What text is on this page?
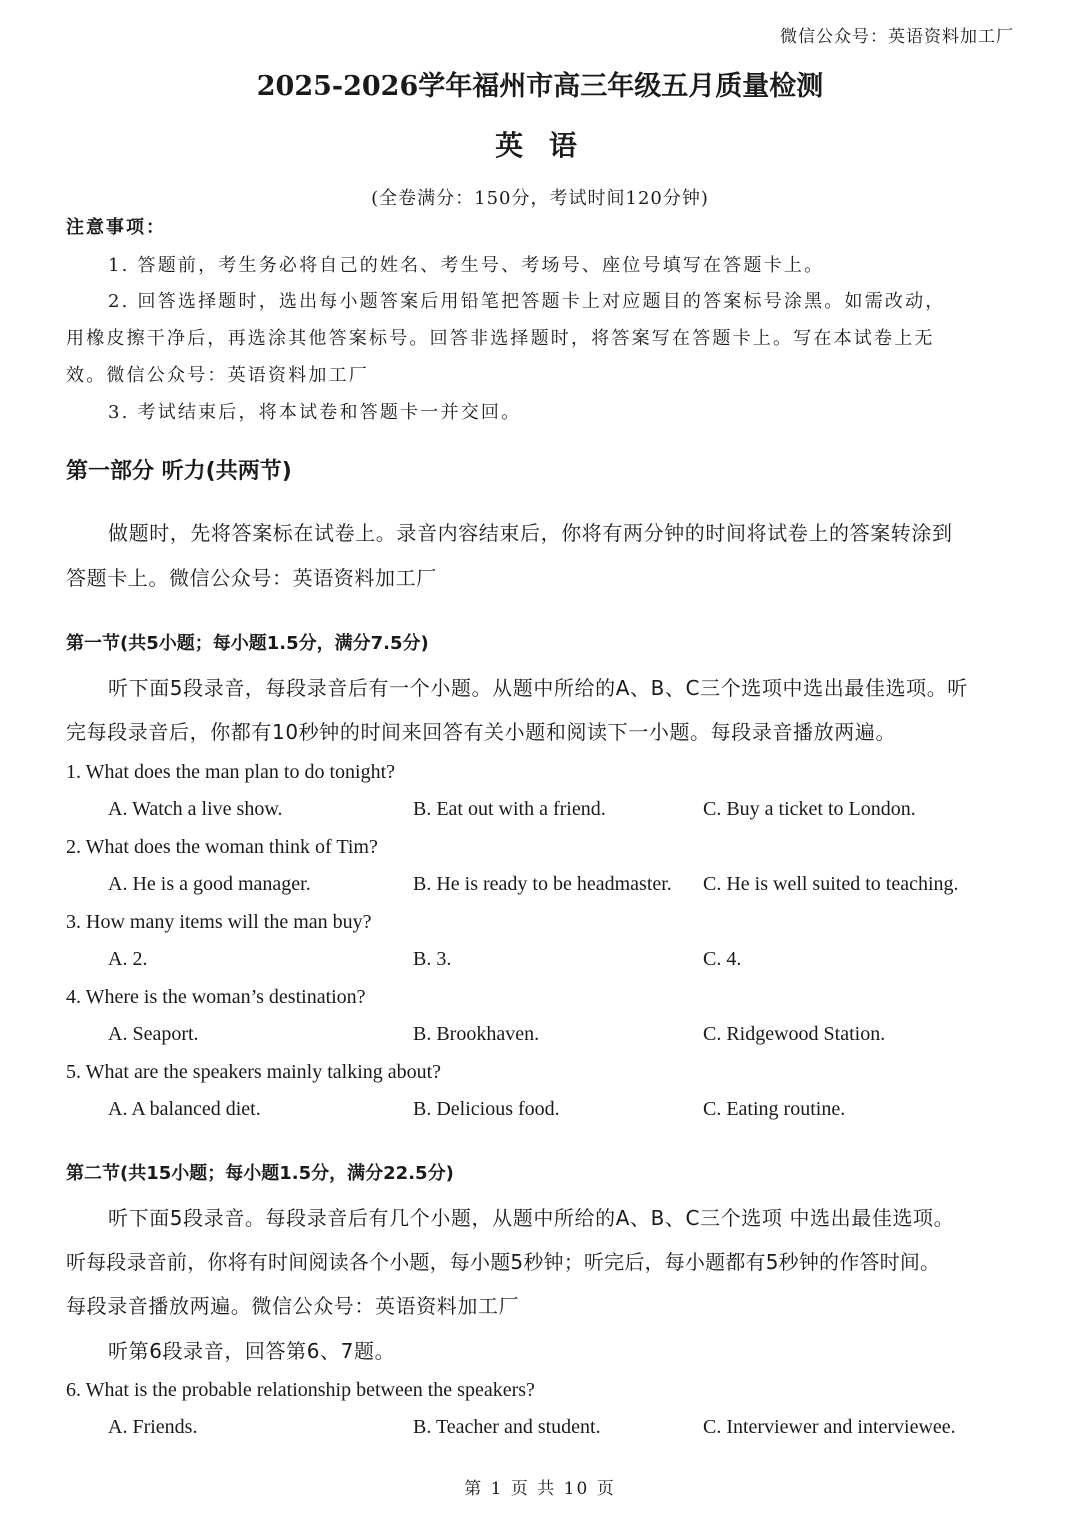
微信公众号：英语资料加工厂
2025-2026学年福州市高三年级五月质量检测
英 语
(全卷满分：150分，考试时间120分钟)
注意事项：
1. 答题前，考生务必将自己的姓名、考生号、考场号、座位号填写在答题卡上。
2. 回答选择题时，选出每小题答案后用铅笔把答题卡上对应题目的答案标号涂黑。如需改动，
用橡皮擦干净后，再选涂其他答案标号。回答非选择题时，将答案写在答题卡上。写在本试卷上无
效。微信公众号：英语资料加工厂
3. 考试结束后，将本试卷和答题卡一并交回。
第一部分 听力(共两节)
做题时，先将答案标在试卷上。录音内容结束后，你将有两分钟的时间将试卷上的答案转涂到
答题卡上。微信公众号：英语资料加工厂
第一节(共5小题；每小题1.5分，满分7.5分)
听下面5段录音，每段录音后有一个小题。从题中所给的A、B、C三个选项中选出最佳选项。听
完每段录音后，你都有10秒钟的时间来回答有关小题和阅读下一小题。每段录音播放两遍。
1. What does the man plan to do tonight?
A. Watch a live show.	B. Eat out with a friend.	C. Buy a ticket to London.
2. What does the woman think of Tim?
A. He is a good manager.	B. He is ready to be headmaster. C. He is well suited to teaching.
3. How many items will the man buy?
A. 2.	B. 3.	C. 4.
4. Where is the woman’s destination?
A. Seaport.	B. Brookhaven.	C. Ridgewood Station.
5. What are the speakers mainly talking about?
A. A balanced diet.	B. Delicious food.	C. Eating routine.
第二节(共15小题；每小题1.5分，满分22.5分)
听下面5段录音。每段录音后有几个小题，从题中所给的A、B、C三个选项 中选出最佳选项。
听每段录音前，你将有时间阅读各个小题，每小题5秒钟；听完后，每小题都有5秒钟的作答时间。
每段录音播放两遍。微信公众号：英语资料加工厂
听第6段录音，回答第6、7题。
6. What is the probable relationship between the speakers?
A. Friends.	B. Teacher and student.	C. Interviewer and interviewee.
第 1 页 共 10 页
